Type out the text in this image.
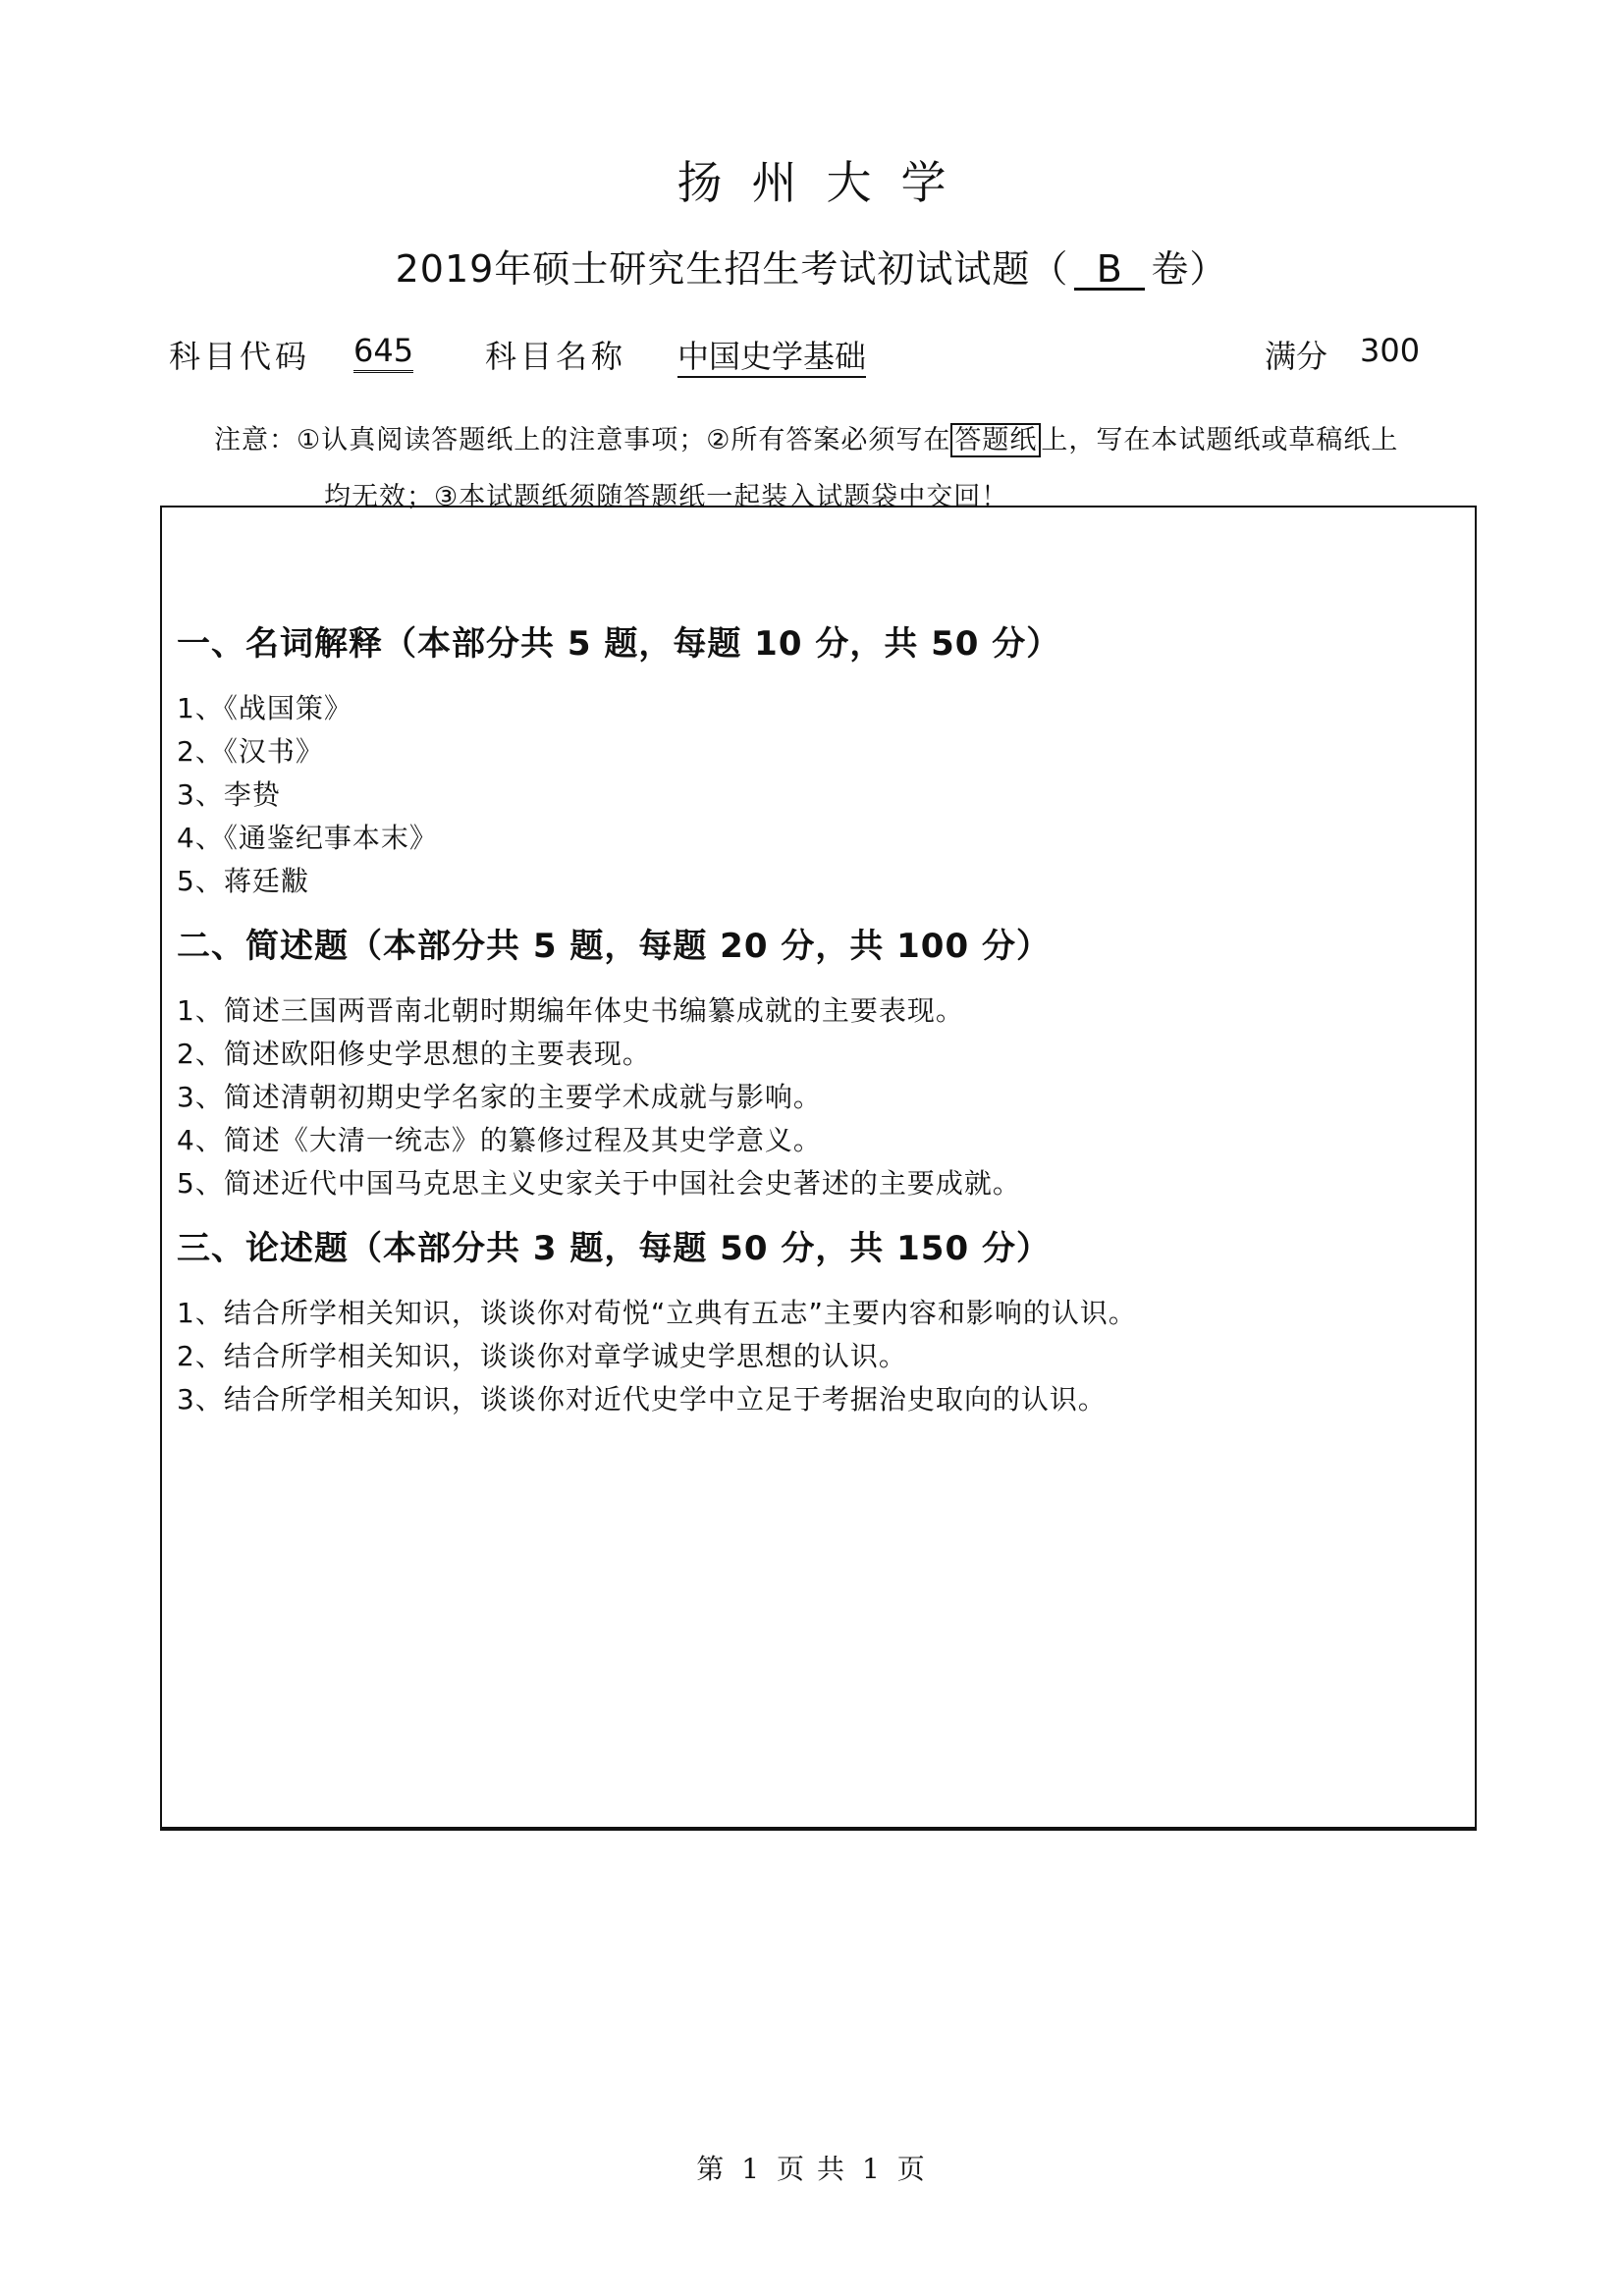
扬州大学
2019年硕士研究生招生考试初试试题（ B 卷）
科目代码 645 科目名称 中国史学基础	满分 300
注意：①认真阅读答题纸上的注意事项；②所有答案必须写在 答题纸 上，写在本试题纸或草稿纸上
均无效；③本试题纸须随答题纸一起装入试题袋中交回！
一、名词解释（本部分共 5 题，每题 10 分，共 50 分）
1、《战国策》
2、《汉书》
3、李贽
4、《通鉴纪事本末》
5、蒋廷黻
二、简述题（本部分共 5 题，每题 20 分，共 100 分）
1、简述三国两晋南北朝时期编年体史书编纂成就的主要表现。
2、简述欧阳修史学思想的主要表现。
3、简述清朝初期史学名家的主要学术成就与影响。
4、简述《大清一统志》的纂修过程及其史学意义。
5、简述近代中国马克思主义史家关于中国社会史著述的主要成就。
三、论述题（本部分共 3 题，每题 50 分，共 150 分）
1、结合所学相关知识，谈谈你对荀悦“立典有五志”主要内容和影响的认识。
2、结合所学相关知识，谈谈你对章学诚史学思想的认识。
3、结合所学相关知识，谈谈你对近代史学中立足于考据治史取向的认识。
第 1 页 共 1 页
